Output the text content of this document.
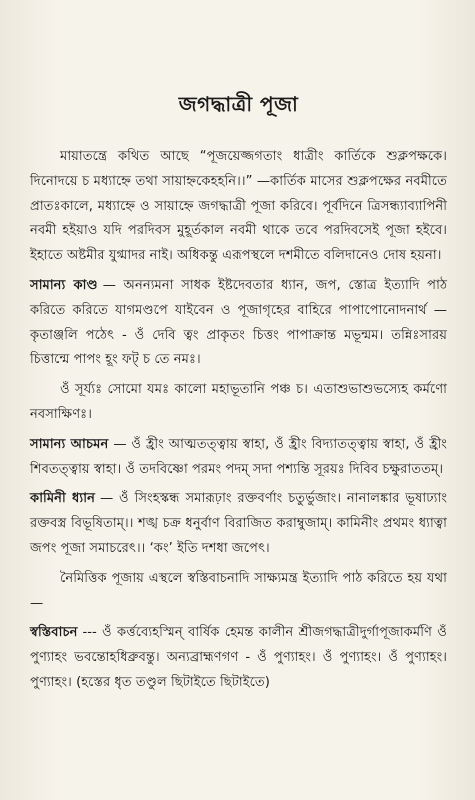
জগদ্ধাত্রী পূজা

মায়াতন্ত্রে কথিত আছে “পূজয়েজ্জগতাং ধাত্রীং কার্তিকে শুক্লপক্ষকে। দিনোদয়ে চ মধ্যাহ্নে তথা সায়াহ্নকেহহনি।।” —কার্তিক মাসের শুক্লপক্ষের নবমীতে প্রাতঃকালে, মধ্যাহ্নে ও সায়াহ্নে জগদ্ধাত্রী পূজা করিবে। পূর্বদিনে ত্রিসন্ধ্যাব্যাপিনী নবমী হইয়াও যদি পরদিবস মুহূর্তকাল নবমী থাকে তবে পরদিবসেই পূজা হইবে। ইহাতে অষ্টমীর যুগ্মাদর নাই। অধিকন্তু এরূপস্থলে দশমীতে বলিদানেও দোষ হয়না।

সামান্য কাণ্ড — অনন্যমনা সাধক ইষ্টদেবতার ধ্যান, জপ, স্তোত্র ইত্যাদি পাঠ করিতে করিতে যাগমণ্ডপে যাইবেন ও পূজাগৃহের বাহিরে পাপাপোনোদনার্থ — কৃতাঞ্জলি পঠেৎ - ওঁ দেবি ত্বং প্রাকৃতং চিত্তং পাপাক্রান্ত মভূন্মম। তন্নিঃসারয় চিত্তান্মে পাপং হূং ফট্‌ চ তে নমঃ।

ওঁ সূর্য্যঃ সোমো যমঃ কালো মহাভূতানি পঞ্চ চ। এতাশুভাশুভস্যেহ কর্মণো নবসাক্ষিণঃ।

সামান্য আচমন — ওঁ হ্রীং আত্মতত্ত্বায় স্বাহা, ওঁ হ্রীং বিদ্যাতত্ত্বায় স্বাহা, ওঁ হ্রীং শিবতত্ত্বায় স্বাহা। ওঁ তদবিষ্ণো পরমং পদম্‌ সদা পশ্যন্তি সূরয়ঃ দিবিব চক্ষুরাততম্‌।

কামিনী ধ্যান — ওঁ সিংহস্কন্ধ সমারূঢ়াং রক্তবর্ণাং চতুর্ভুজাং। নানালঙ্কার ভূষাঢ্যাং রক্তবস্ত্র বিভূষিতাম্‌।। শঙ্খ চক্র ধনুর্বাণ বিরাজিত করাম্বুজাম্‌। কামিনীং প্রথমং ধ্যাত্বা জপং পূজা সমাচরেৎ।। ‘কং’ ইতি দশধা জপেৎ।

নৈমিত্তিক পূজায় এস্থলে স্বস্তিবাচনাদি সাক্ষ্যমন্ত্র ইত্যাদি পাঠ করিতে হয় যথা —

স্বস্তিবাচন --- ওঁ কর্ত্তব্যেহস্মিন্‌ বার্ষিক হেমন্ত কালীন শ্রীজগদ্ধাত্রীদুর্গাপূজাকর্মণি ওঁ পুণ্যাহং ভবন্তোহধিব্রুবন্তু। অন্যব্রাহ্মণগণ - ওঁ পুণ্যাহং। ওঁ পুণ্যাহং। ওঁ পুণ্যাহং। পুণ্যাহং। (হস্তের ধৃত তণ্ডুল ছিটাইতে ছিটাইতে)
